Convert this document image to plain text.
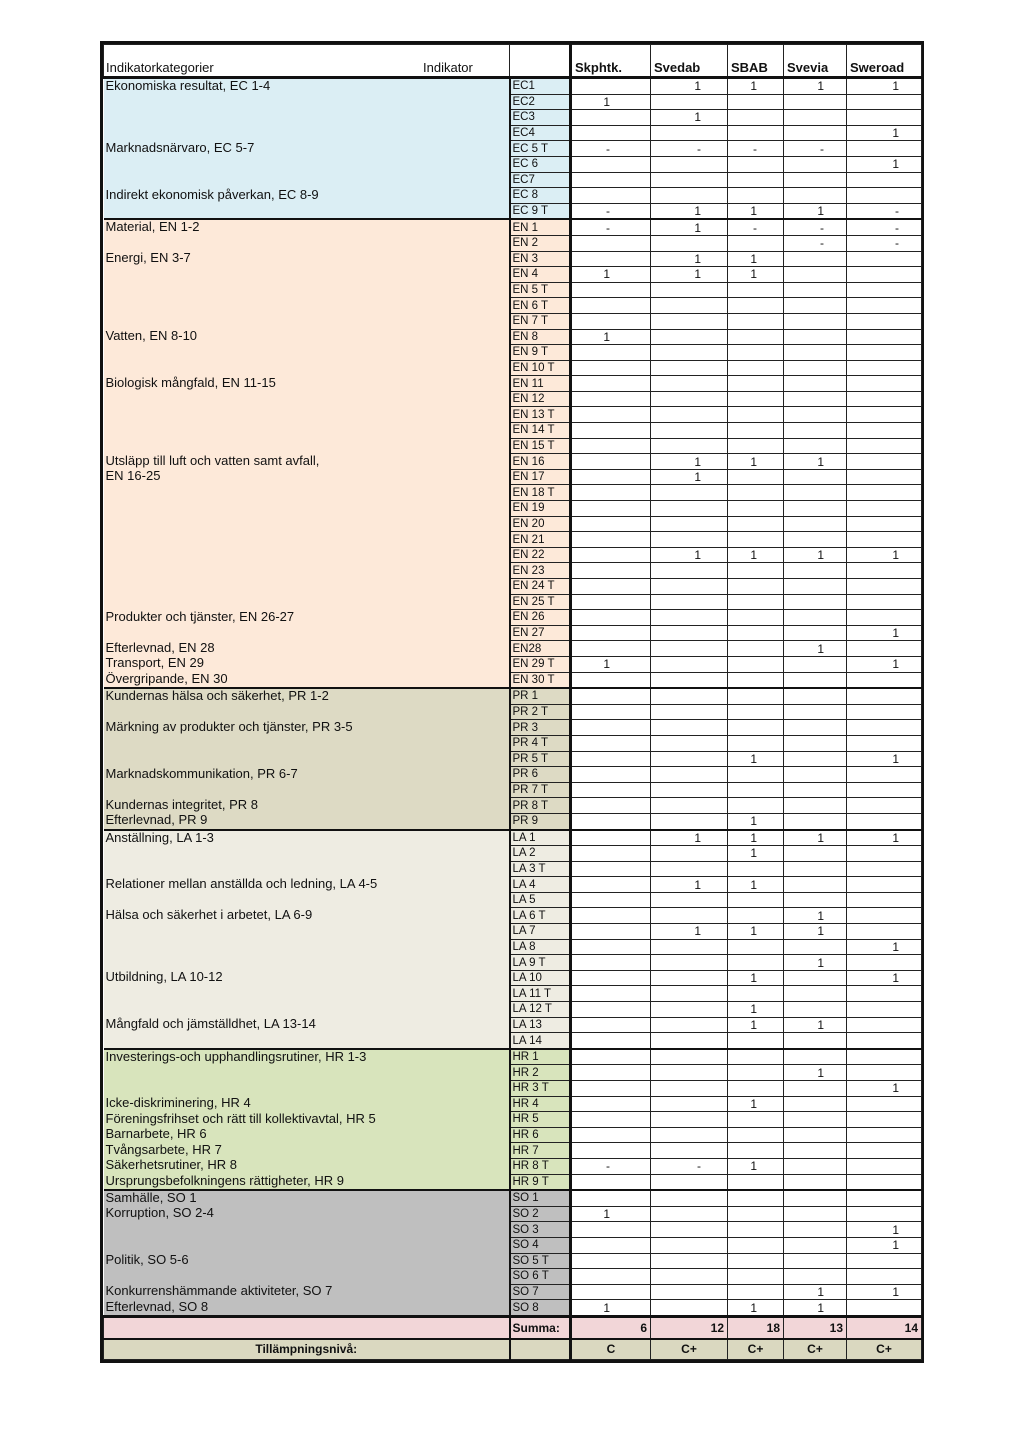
Indikatorkategorier	Indikator	Skphtk.	Svedab	SBAB	Svevia	Sweroad
Ekonomiska resultat, EC 1-4	EC1		1	1	1	1
	EC2	1				
	EC3		1			
	EC4					1
Marknadsnärvaro, EC 5-7	EC 5 T	-	-	-	-	
	EC 6					1
	EC7					
Indirekt ekonomisk påverkan, EC 8-9	EC 8					
	EC 9 T	-	1	1	1	-
Material, EN 1-2	EN 1	-	1	-	-	-
	EN 2				-	-
Energi, EN 3-7	EN 3		1	1		
	EN 4	1	1	1		
	EN 5 T					
	EN 6 T					
	EN 7 T					
Vatten, EN 8-10	EN 8	1				
	EN 9 T					
	EN 10 T					
Biologisk mångfald, EN 11-15	EN 11					
	EN 12					
	EN 13 T					
	EN 14 T					
	EN 15 T					
Utsläpp till luft och vatten samt avfall,	EN 16		1	1	1	
EN 16-25	EN 17		1			
	EN 18 T					
	EN 19					
	EN 20					
	EN 21					
	EN 22		1	1	1	1
	EN 23					
	EN 24 T					
	EN 25 T					
Produkter och tjänster, EN 26-27	EN 26					
	EN 27					1
Efterlevnad, EN 28	EN28				1	
Transport, EN 29	EN 29 T	1				1
Övergripande, EN 30	EN 30 T					
Kundernas hälsa och säkerhet, PR 1-2	PR 1					
	PR 2 T					
Märkning av produkter och tjänster, PR 3-5	PR 3					
	PR 4 T					
	PR 5 T			1		1
Marknadskommunikation, PR 6-7	PR 6					
	PR 7 T					
Kundernas integritet, PR 8	PR 8 T					
Efterlevnad, PR 9	PR 9			1		
Anställning, LA 1-3	LA 1		1	1	1	1
	LA 2			1		
	LA 3 T					
Relationer mellan anställda och ledning, LA 4-5	LA 4		1	1		
	LA 5					
Hälsa och säkerhet i arbetet, LA 6-9	LA 6 T				1	
	LA 7		1	1	1	
	LA 8					1
	LA 9 T				1	
Utbildning, LA 10-12	LA 10			1		1
	LA 11 T					
	LA 12 T			1		
Mångfald och jämställdhet, LA 13-14	LA 13			1	1	
	LA 14					
Investerings-och upphandlingsrutiner, HR 1-3	HR 1					
	HR 2				1	
	HR 3 T					1
Icke-diskriminering, HR 4	HR 4			1		
Föreningsfrihset och rätt till kollektivavtal, HR 5	HR 5					
Barnarbete, HR 6	HR 6					
Tvångsarbete, HR 7	HR 7					
Säkerhetsrutiner, HR 8	HR 8 T	-	-	1		
Ursprungsbefolkningens rättigheter, HR 9	HR 9 T					
Samhälle, SO 1	SO 1					
Korruption, SO 2-4	SO 2	1				
	SO 3					1
	SO 4					1
Politik, SO 5-6	SO 5 T					
	SO 6 T					
Konkurrenshämmande aktiviteter, SO 7	SO 7				1	1
Efterlevnad, SO 8	SO 8	1		1	1	
	Summa:	6	12	18	13	14
Tillämpningsnivå:		C	C+	C+	C+	C+
